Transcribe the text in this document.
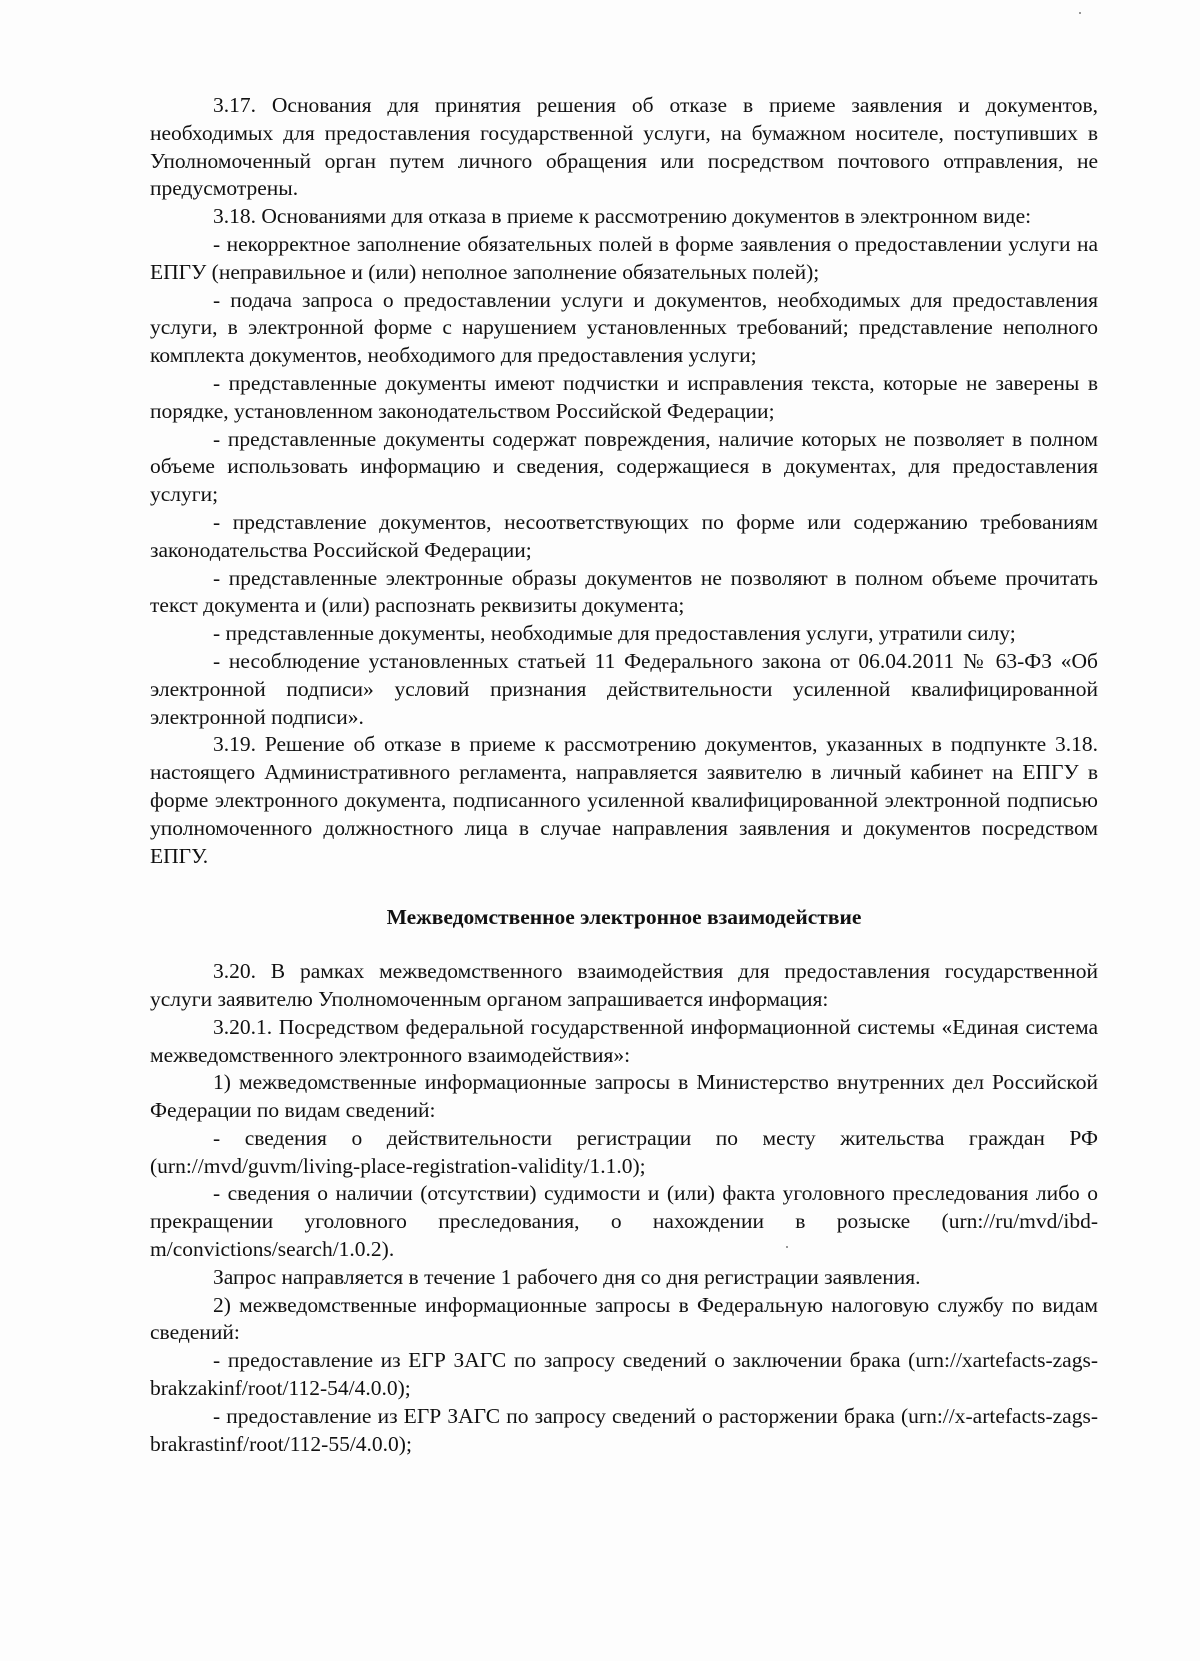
3.17. Основания для принятия решения об отказе в приеме заявления и документов, необходимых для предоставления государственной услуги, на бумажном носителе, поступивших в Уполномоченный орган путем личного обращения или посредством почтового отправления, не предусмотрены.

3.18. Основаниями для отказа в приеме к рассмотрению документов в электронном виде:

- некорректное заполнение обязательных полей в форме заявления о предоставлении услуги на ЕПГУ (неправильное и (или) неполное заполнение обязательных полей);

- подача запроса о предоставлении услуги и документов, необходимых для предоставления услуги, в электронной форме с нарушением установленных требований; представление неполного комплекта документов, необходимого для предоставления услуги;

- представленные документы имеют подчистки и исправления текста, которые не заверены в порядке, установленном законодательством Российской Федерации;

- представленные документы содержат повреждения, наличие которых не позволяет в полном объеме использовать информацию и сведения, содержащиеся в документах, для предоставления услуги;

- представление документов, несоответствующих по форме или содержанию требованиям законодательства Российской Федерации;

- представленные электронные образы документов не позволяют в полном объеме прочитать текст документа и (или) распознать реквизиты документа;

- представленные документы, необходимые для предоставления услуги, утратили силу;

- несоблюдение установленных статьей 11 Федерального закона от 06.04.2011 № 63-ФЗ «Об электронной подписи» условий признания действительности усиленной квалифицированной электронной подписи».

3.19. Решение об отказе в приеме к рассмотрению документов, указанных в подпункте 3.18. настоящего Административного регламента, направляется заявителю в личный кабинет на ЕПГУ в форме электронного документа, подписанного усиленной квалифицированной электронной подписью уполномоченного должностного лица в случае направления заявления и документов посредством ЕПГУ.

Межведомственное электронное взаимодействие

3.20. В рамках межведомственного взаимодействия для предоставления государственной услуги заявителю Уполномоченным органом запрашивается информация:

3.20.1. Посредством федеральной государственной информационной системы «Единая система межведомственного электронного взаимодействия»:

1) межведомственные информационные запросы в Министерство внутренних дел Российской Федерации по видам сведений:

- сведения о действительности регистрации по месту жительства граждан РФ (urn://mvd/guvm/living-place-registration-validity/1.1.0);

- сведения о наличии (отсутствии) судимости и (или) факта уголовного преследования либо о прекращении уголовного преследования, о нахождении в розыске (urn://ru/mvd/ibd-m/convictions/search/1.0.2).

Запрос направляется в течение 1 рабочего дня со дня регистрации заявления.

2) межведомственные информационные запросы в Федеральную налоговую службу по видам сведений:

- предоставление из ЕГР ЗАГС по запросу сведений о заключении брака (urn://xartefacts-zags-brakzakinf/root/112-54/4.0.0);

- предоставление из ЕГР ЗАГС по запросу сведений о расторжении брака (urn://x-artefacts-zags-brakrastinf/root/112-55/4.0.0);
